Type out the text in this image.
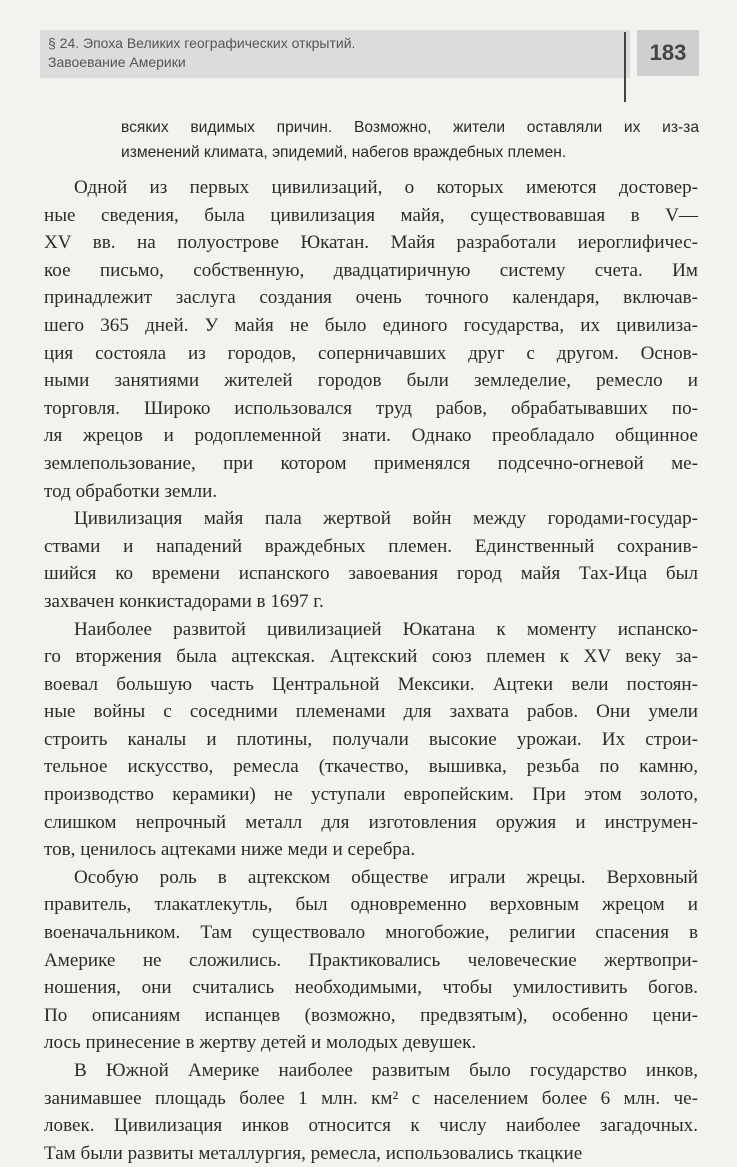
§ 24. Эпоха Великих географических открытий.
Завоевание Америки	183
всяких видимых причин. Возможно, жители оставляли их из-за
изменений климата, эпидемий, набегов враждебных племен.
Одной из первых цивилизаций, о которых имеются достовер-
ные сведения, была цивилизация майя, существовавшая в V—
XV вв. на полуострове Юкатан. Майя разработали иероглифичес-
кое письмо, собственную, двадцатиричную систему счета. Им
принадлежит заслуга создания очень точного календаря, включав-
шего 365 дней. У майя не было единого государства, их цивилиза-
ция состояла из городов, соперничавших друг с другом. Основ-
ными занятиями жителей городов были земледелие, ремесло и
торговля. Широко использовался труд рабов, обрабатывавших по-
ля жрецов и родоплеменной знати. Однако преобладало общинное
землепользование, при котором применялся подсечно-огневой ме-
тод обработки земли.
Цивилизация майя пала жертвой войн между городами-государ-
ствами и нападений враждебных племен. Единственный сохранив-
шийся ко времени испанского завоевания город майя Тах-Ица был
захвачен конкистадорами в 1697 г.
Наиболее развитой цивилизацией Юкатана к моменту испанско-
го вторжения была ацтекская. Ацтекский союз племен к XV веку за-
воевал большую часть Центральной Мексики. Ацтеки вели постоян-
ные войны с соседними племенами для захвата рабов. Они умели
строить каналы и плотины, получали высокие урожаи. Их строи-
тельное искусство, ремесла (ткачество, вышивка, резьба по камню,
производство керамики) не уступали европейским. При этом золото,
слишком непрочный металл для изготовления оружия и инструмен-
тов, ценилось ацтеками ниже меди и серебра.
Особую роль в ацтекском обществе играли жрецы. Верховный
правитель, тлакатлекутль, был одновременно верховным жрецом и
военачальником. Там существовало многобожие, религии спасения в
Америке не сложились. Практиковались человеческие жертвопри-
ношения, они считались необходимыми, чтобы умилостивить богов.
По описаниям испанцев (возможно, предвзятым), особенно цени-
лось принесение в жертву детей и молодых девушек.
В Южной Америке наиболее развитым было государство инков,
занимавшее площадь более 1 млн. км² с населением более 6 млн. че-
ловек. Цивилизация инков относится к числу наиболее загадочных.
Там были развиты металлургия, ремесла, использовались ткацкие
